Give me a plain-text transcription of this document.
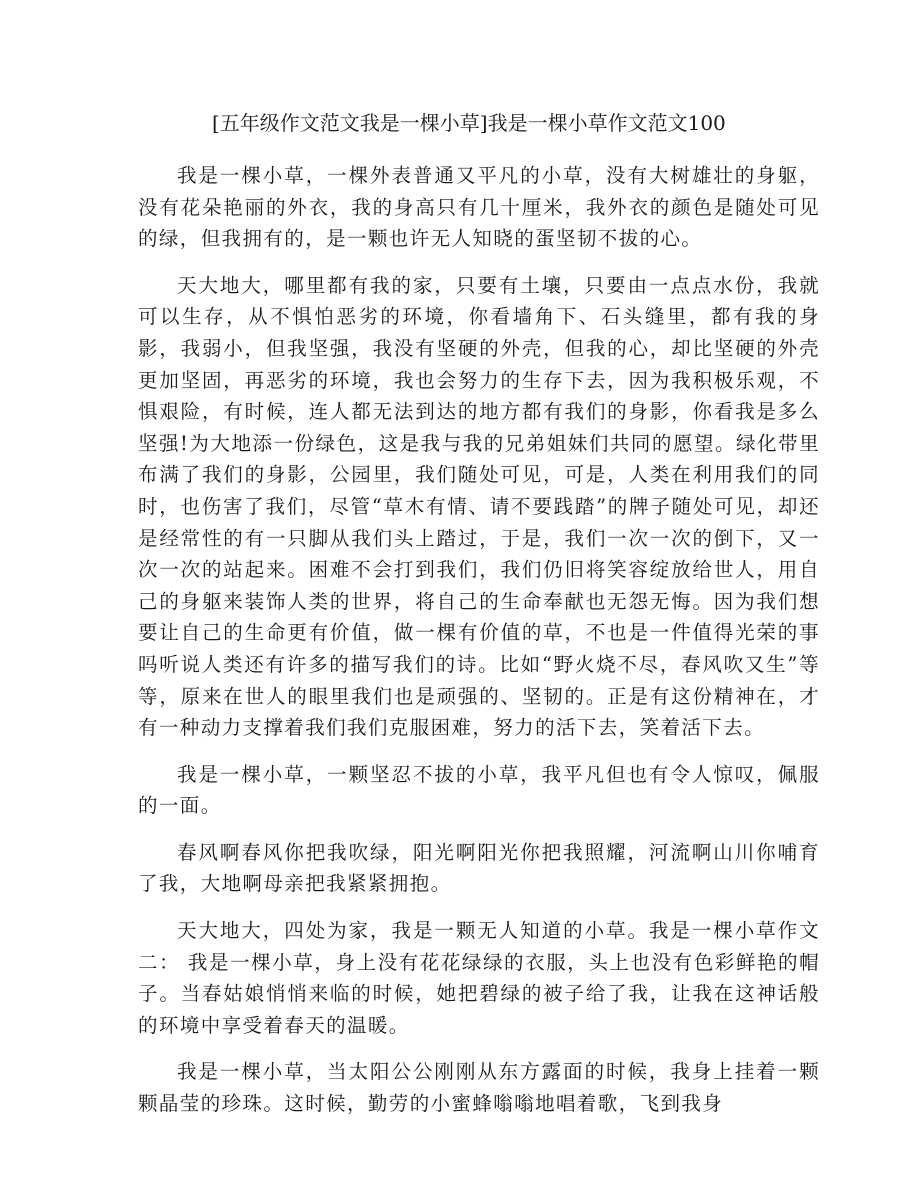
[五年级作文范文我是一棵小草]我是一棵小草作文范文100

我是一棵小草，一棵外表普通又平凡的小草，没有大树雄壮的身躯，没有花朵艳丽的外衣，我的身高只有几十厘米，我外衣的颜色是随处可见的绿，但我拥有的，是一颗也许无人知晓的蛋坚韧不拔的心。

天大地大，哪里都有我的家，只要有土壤，只要由一点点水份，我就可以生存，从不惧怕恶劣的环境，你看墙角下、石头缝里，都有我的身影，我弱小，但我坚强，我没有坚硬的外壳，但我的心，却比坚硬的外壳更加坚固，再恶劣的环境，我也会努力的生存下去，因为我积极乐观，不惧艰险，有时候，连人都无法到达的地方都有我们的身影，你看我是多么坚强!为大地添一份绿色，这是我与我的兄弟姐妹们共同的愿望。绿化带里布满了我们的身影，公园里，我们随处可见，可是，人类在利用我们的同时，也伤害了我们，尽管“草木有情、请不要践踏”的牌子随处可见，却还是经常性的有一只脚从我们头上踏过，于是，我们一次一次的倒下，又一次一次的站起来。困难不会打到我们，我们仍旧将笑容绽放给世人，用自己的身躯来装饰人类的世界，将自己的生命奉献也无怨无悔。因为我们想要让自己的生命更有价值，做一棵有价值的草，不也是一件值得光荣的事吗听说人类还有许多的描写我们的诗。比如“野火烧不尽，春风吹又生”等等，原来在世人的眼里我们也是顽强的、坚韧的。正是有这份精神在，才有一种动力支撑着我们我们克服困难，努力的活下去，笑着活下去。

我是一棵小草，一颗坚忍不拔的小草，我平凡但也有令人惊叹，佩服的一面。

春风啊春风你把我吹绿，阳光啊阳光你把我照耀，河流啊山川你哺育了我，大地啊母亲把我紧紧拥抱。

天大地大，四处为家，我是一颗无人知道的小草。我是一棵小草作文二： 我是一棵小草，身上没有花花绿绿的衣服，头上也没有色彩鲜艳的帽子。当春姑娘悄悄来临的时候，她把碧绿的被子给了我，让我在这神话般的环境中享受着春天的温暖。

我是一棵小草，当太阳公公刚刚从东方露面的时候，我身上挂着一颗颗晶莹的珍珠。这时候，勤劳的小蜜蜂嗡嗡地唱着歌，飞到我身
